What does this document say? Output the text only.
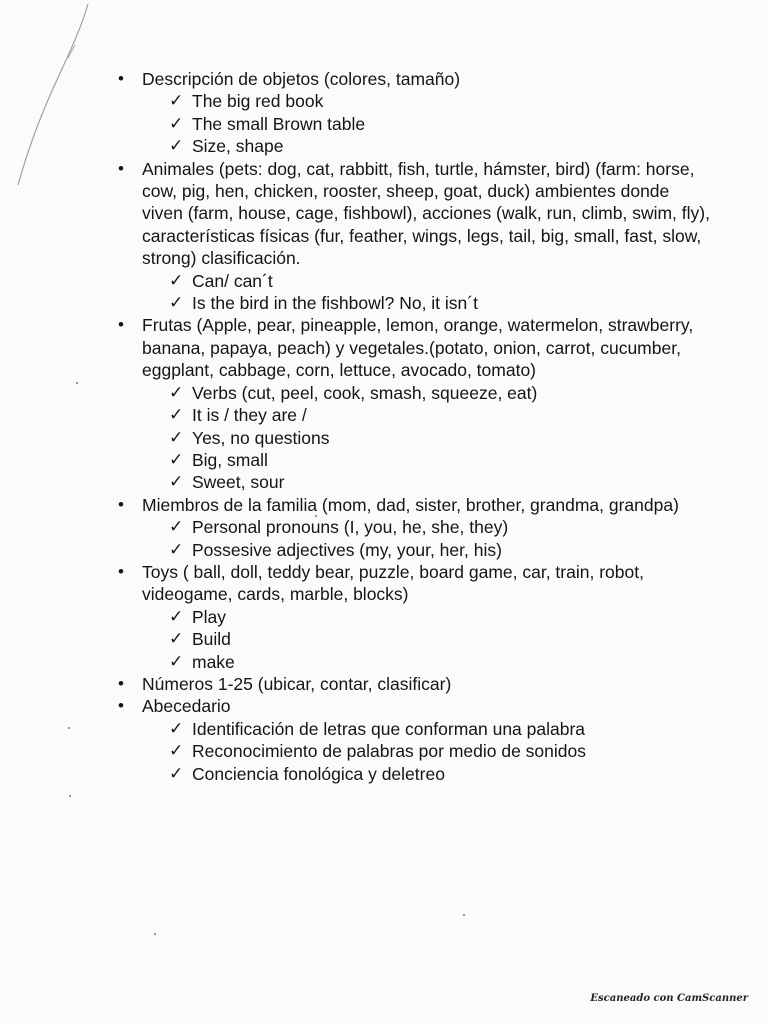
• Descripción de objetos (colores, tamaño)
✓ The big red book
✓ The small Brown table
✓ Size, shape
• Animales (pets: dog, cat, rabbitt, fish, turtle, hámster, bird) (farm: horse, cow, pig, hen, chicken, rooster, sheep, goat, duck) ambientes donde viven (farm, house, cage, fishbowl), acciones (walk, run, climb, swim, fly), características físicas (fur, feather, wings, legs, tail, big, small, fast, slow, strong) clasificación.
✓ Can/ can´t
✓ Is the bird in the fishbowl? No, it isn´t
• Frutas (Apple, pear, pineapple, lemon, orange, watermelon, strawberry, banana, papaya, peach) y vegetales.(potato, onion, carrot, cucumber, eggplant, cabbage, corn, lettuce, avocado, tomato)
✓ Verbs (cut, peel, cook, smash, squeeze, eat)
✓ It is / they are /
✓ Yes, no questions
✓ Big, small
✓ Sweet, sour
• Miembros de la familia (mom, dad, sister, brother, grandma, grandpa)
✓ Personal pronouns (I, you, he, she, they)
✓ Possesive adjectives (my, your, her, his)
• Toys ( ball, doll, teddy bear, puzzle, board game, car, train, robot, videogame, cards, marble, blocks)
✓ Play
✓ Build
✓ make
• Números 1-25 (ubicar, contar, clasificar)
• Abecedario
✓ Identificación de letras que conforman una palabra
✓ Reconocimiento de palabras por medio de sonidos
✓ Conciencia fonológica y deletreo
Escaneado con CamScanner
